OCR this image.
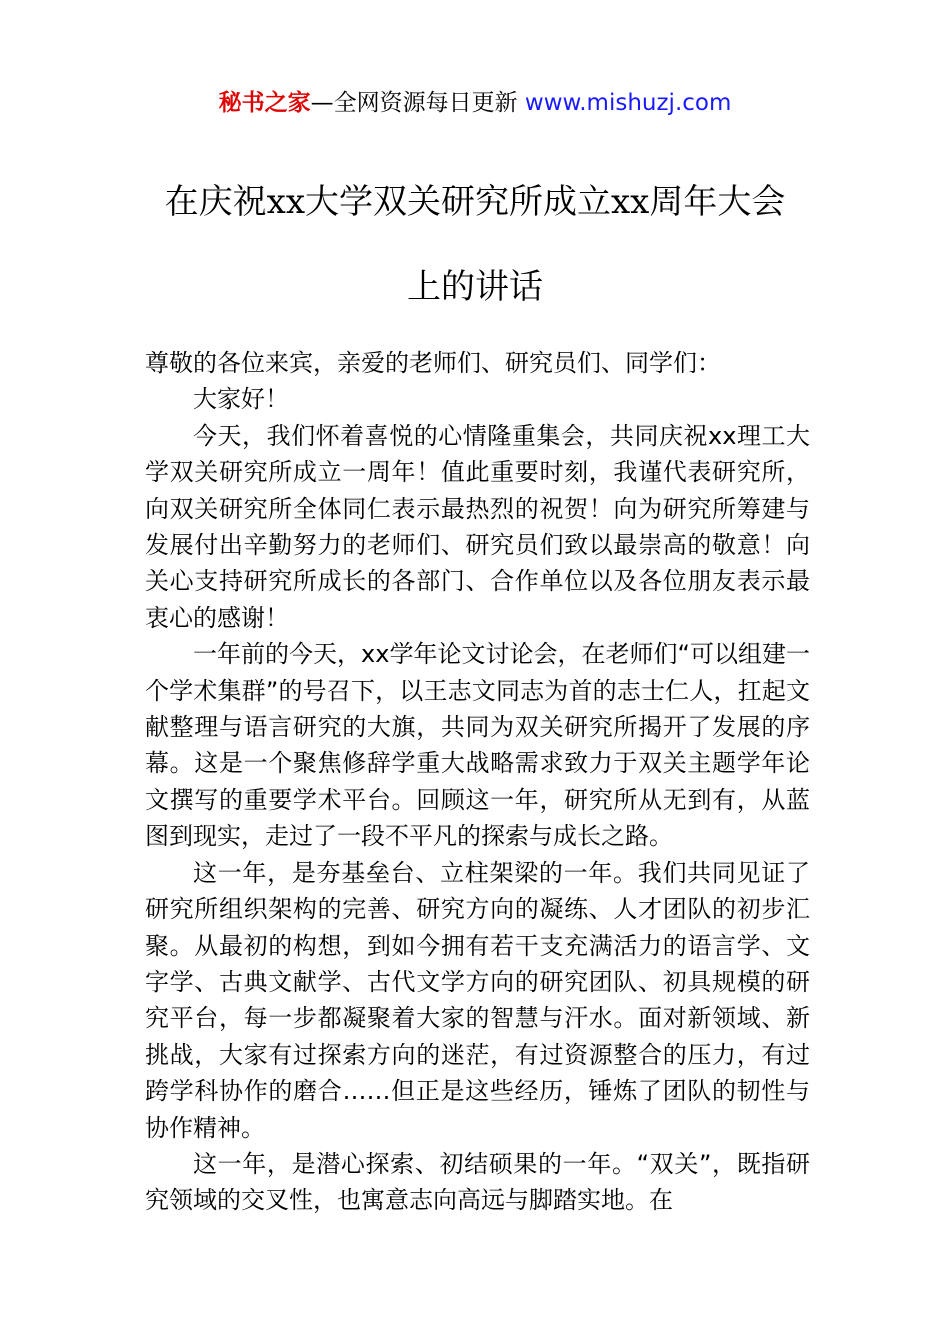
秘书之家—全网资源每日更新 www.mishuzj.com
在庆祝xx大学双关研究所成立xx周年大会
上的讲话

尊敬的各位来宾，亲爱的老师们、研究员们、同学们：

大家好！

今天，我们怀着喜悦的心情隆重集会，共同庆祝xx理工大学双关研究所成立一周年！值此重要时刻，我谨代表研究所，向双关研究所全体同仁表示最热烈的祝贺！向为研究所筹建与发展付出辛勤努力的老师们、研究员们致以最崇高的敬意！向关心支持研究所成长的各部门、合作单位以及各位朋友表示最衷心的感谢！

一年前的今天，xx学年论文讨论会，在老师们“可以组建一个学术集群”的号召下，以王志文同志为首的志士仁人，扛起文献整理与语言研究的大旗，共同为双关研究所揭开了发展的序幕。这是一个聚焦修辞学重大战略需求致力于双关主题学年论文撰写的重要学术平台。回顾这一年，研究所从无到有，从蓝图到现实，走过了一段不平凡的探索与成长之路。

这一年，是夯基垒台、立柱架梁的一年。我们共同见证了研究所组织架构的完善、研究方向的凝练、人才团队的初步汇聚。从最初的构想，到如今拥有若干支充满活力的语言学、文字学、古典文献学、古代文学方向的研究团队、初具规模的研究平台，每一步都凝聚着大家的智慧与汗水。面对新领域、新挑战，大家有过探索方向的迷茫，有过资源整合的压力，有过跨学科协作的磨合……但正是这些经历，锤炼了团队的韧性与协作精神。

这一年，是潜心探索、初结硕果的一年。“双关”，既指研究领域的交叉性，也寓意志向高远与脚踏实地。在
